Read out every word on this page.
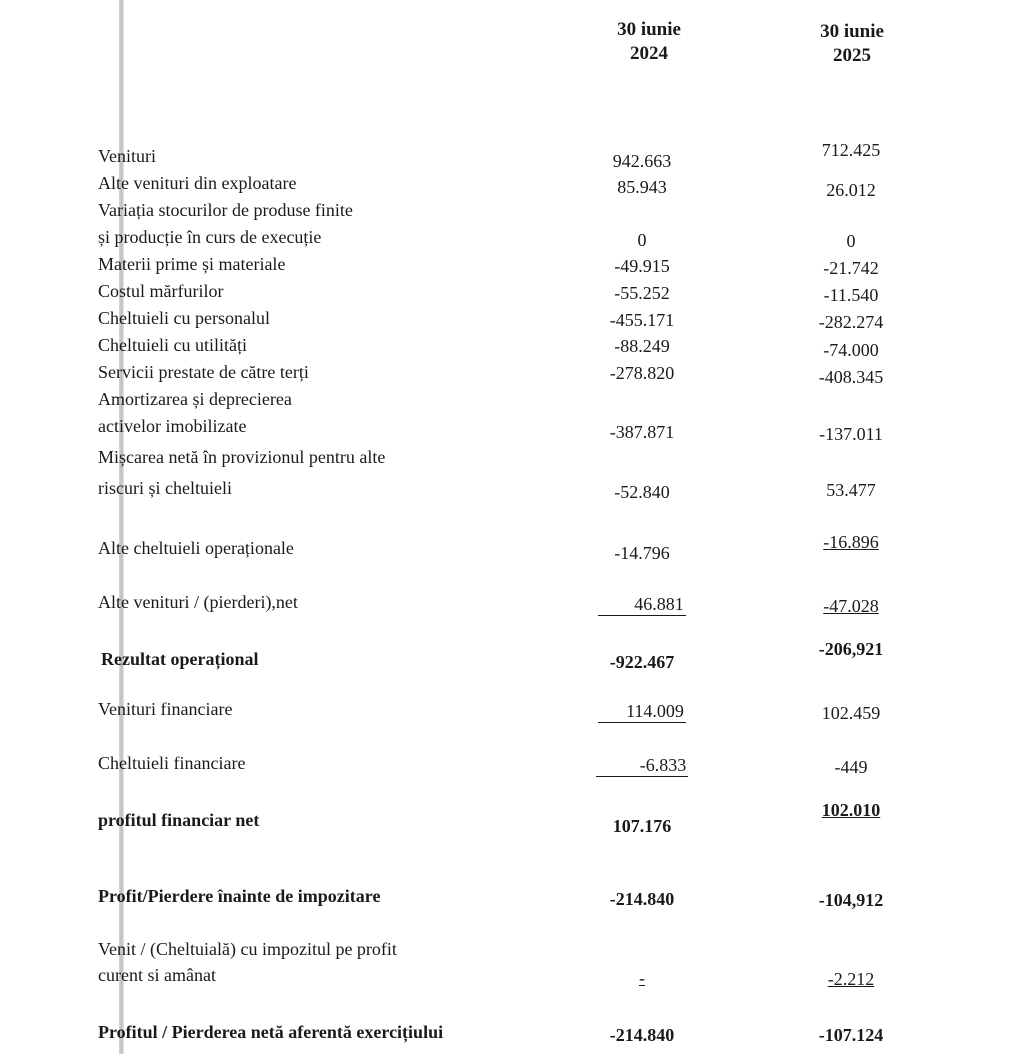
30 iunie
2024
30 iunie
2025
Venituri
Alte venituri din exploatare
Variația stocurilor de produse finite
și producție în curs de execuție
Materii prime și materiale
Costul mărfurilor
Cheltuieli cu personalul
Cheltuieli cu utilități
Servicii prestate de către terți
Amortizarea și deprecierea
activelor imobilizate
Mișcarea netă în provizionul pentru alte
riscuri și cheltuieli
Alte cheltuieli operaționale
Alte venituri / (pierderi),net
Rezultat operațional
Venituri financiare
Cheltuieli financiare
profitul financiar net
Profit/Pierdere înainte de impozitare
Venit / (Cheltuială) cu impozitul pe profit
curent si amânat
Profitul / Pierderea netă aferentă exercițiului
942.663
85.943
0
-49.915
-55.252
-455.171
-88.249
-278.820
-387.871
-52.840
-14.796
46.881
-922.467
114.009
-6.833
107.176
-214.840
-
-214.840
712.425
26.012
0
-21.742
-11.540
-282.274
-74.000
-408.345
-137.011
53.477
-16.896
-47.028
-206,921
102.459
-449
102.010
-104,912
-2.212
-107.124
